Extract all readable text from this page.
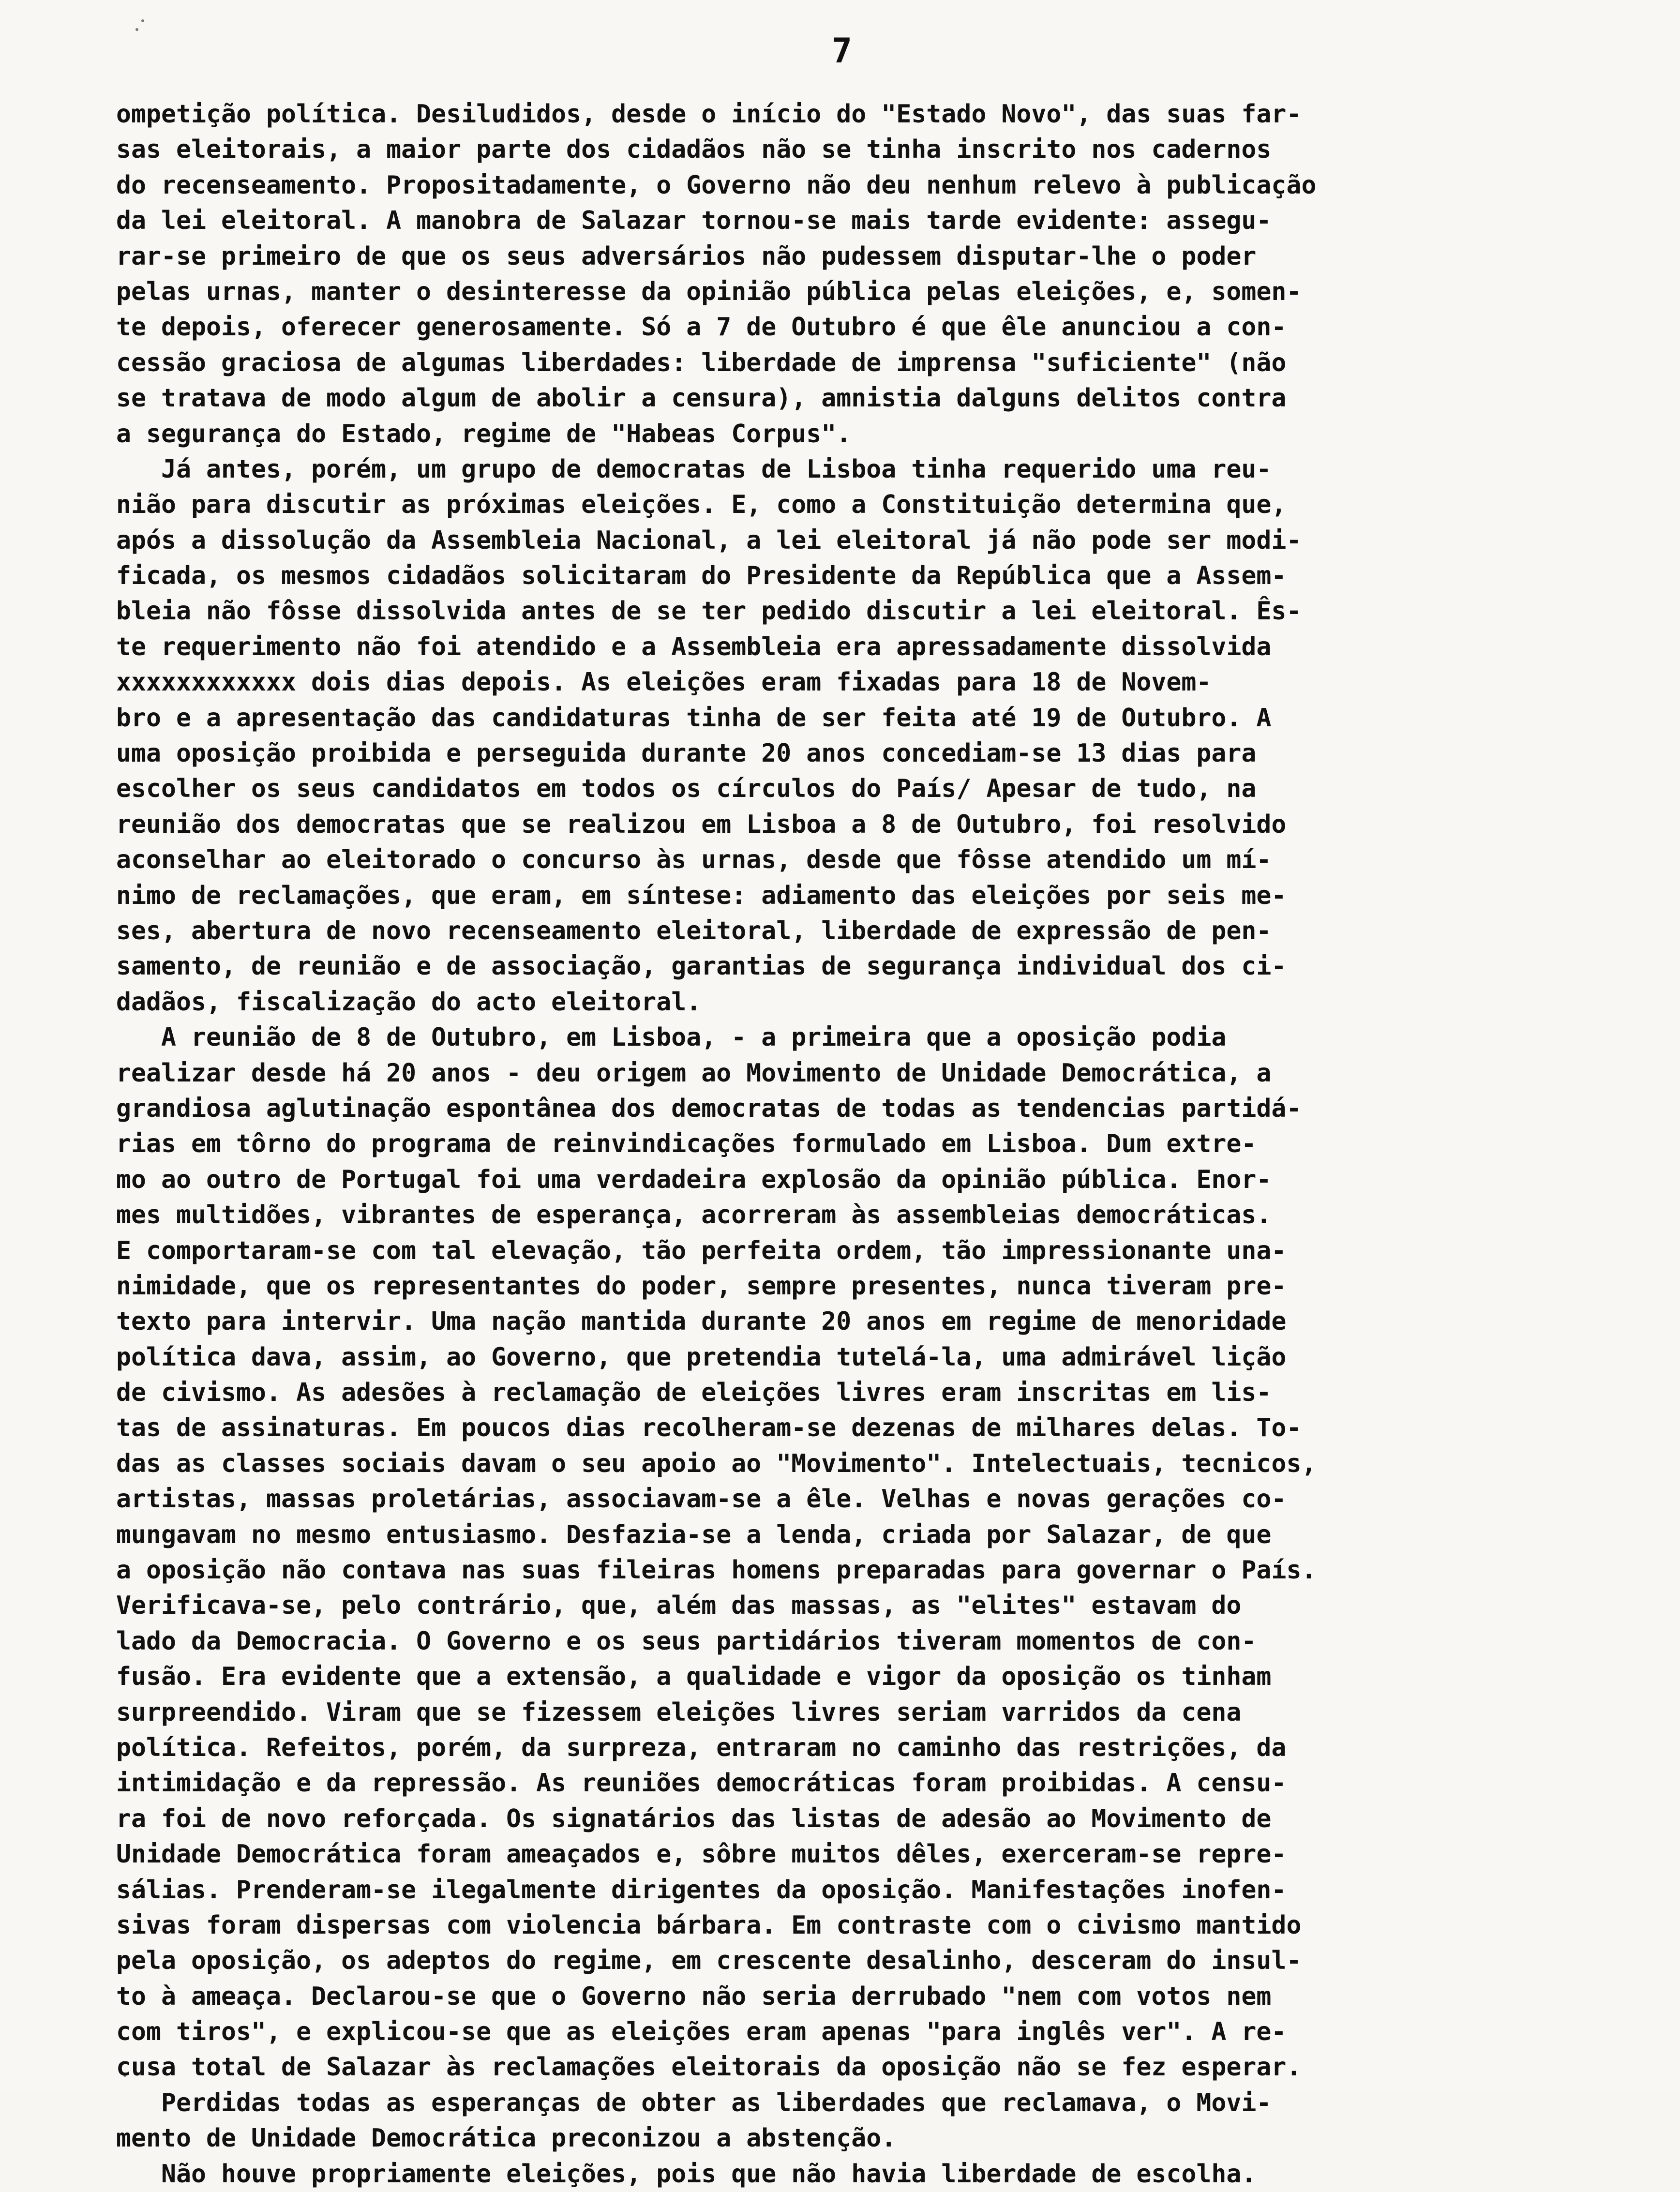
7
ompetição política. Desiludidos, desde o início do "Estado Novo", das suas far-
sas eleitorais, a maior parte dos cidadãos não se tinha inscrito nos cadernos
do recenseamento. Propositadamente, o Governo não deu nenhum relevo à publicação
da lei eleitoral. A manobra de Salazar tornou-se mais tarde evidente: assegu-
rar-se primeiro de que os seus adversários não pudessem disputar-lhe o poder
pelas urnas, manter o desinteresse da opinião pública pelas eleições, e, somen-
te depois, oferecer generosamente. Só a 7 de Outubro é que êle anunciou a con-
cessão graciosa de algumas liberdades: liberdade de imprensa "suficiente" (não
se tratava de modo algum de abolir a censura), amnistia dalguns delitos contra
a segurança do Estado, regime de "Habeas Corpus".
Já antes, porém, um grupo de democratas de Lisboa tinha requerido uma reu-
nião para discutir as próximas eleições. E, como a Constituição determina que,
após a dissolução da Assembleia Nacional, a lei eleitoral já não pode ser modi-
ficada, os mesmos cidadãos solicitaram do Presidente da República que a Assem-
bleia não fôsse dissolvida antes de se ter pedido discutir a lei eleitoral. Ês-
te requerimento não foi atendido e a Assembleia era apressadamente dissolvida
xxxxxxxxxxxx dois dias depois. As eleições eram fixadas para 18 de Novem-
bro e a apresentação das candidaturas tinha de ser feita até 19 de Outubro. A
uma oposição proibida e perseguida durante 20 anos concediam-se 13 dias para
escolher os seus candidatos em todos os círculos do País/ Apesar de tudo, na
reunião dos democratas que se realizou em Lisboa a 8 de Outubro, foi resolvido
aconselhar ao eleitorado o concurso às urnas, desde que fôsse atendido um mí-
nimo de reclamações, que eram, em síntese: adiamento das eleições por seis me-
ses, abertura de novo recenseamento eleitoral, liberdade de expressão de pen-
samento, de reunião e de associação, garantias de segurança individual dos ci-
dadãos, fiscalização do acto eleitoral.
A reunião de 8 de Outubro, em Lisboa, - a primeira que a oposição podia
realizar desde há 20 anos - deu origem ao Movimento de Unidade Democrática, a
grandiosa aglutinação espontânea dos democratas de todas as tendencias partidá-
rias em tôrno do programa de reinvindicações formulado em Lisboa. Dum extre-
mo ao outro de Portugal foi uma verdadeira explosão da opinião pública. Enor-
mes multidões, vibrantes de esperança, acorreram às assembleias democráticas.
E comportaram-se com tal elevação, tão perfeita ordem, tão impressionante una-
nimidade, que os representantes do poder, sempre presentes, nunca tiveram pre-
texto para intervir. Uma nação mantida durante 20 anos em regime de menoridade
política dava, assim, ao Governo, que pretendia tutelá-la, uma admirável lição
de civismo. As adesões à reclamação de eleições livres eram inscritas em lis-
tas de assinaturas. Em poucos dias recolheram-se dezenas de milhares delas. To-
das as classes sociais davam o seu apoio ao "Movimento". Intelectuais, tecnicos,
artistas, massas proletárias, associavam-se a êle. Velhas e novas gerações co-
mungavam no mesmo entusiasmo. Desfazia-se a lenda, criada por Salazar, de que
a oposição não contava nas suas fileiras homens preparadas para governar o País.
Verificava-se, pelo contrário, que, além das massas, as "elites" estavam do
lado da Democracia. O Governo e os seus partidários tiveram momentos de con-
fusão. Era evidente que a extensão, a qualidade e vigor da oposição os tinham
surpreendido. Viram que se fizessem eleições livres seriam varridos da cena
política. Refeitos, porém, da surpreza, entraram no caminho das restrições, da
intimidação e da repressão. As reuniões democráticas foram proibidas. A censu-
ra foi de novo reforçada. Os signatários das listas de adesão ao Movimento de
Unidade Democrática foram ameaçados e, sôbre muitos dêles, exerceram-se repre-
sálias. Prenderam-se ilegalmente dirigentes da oposição. Manifestações inofen-
sivas foram dispersas com violencia bárbara. Em contraste com o civismo mantido
pela oposição, os adeptos do regime, em crescente desalinho, desceram do insul-
to à ameaça. Declarou-se que o Governo não seria derrubado "nem com votos nem
com tiros", e explicou-se que as eleições eram apenas "para inglês ver". A re-
cusa total de Salazar às reclamações eleitorais da oposição não se fez esperar.
Perdidas todas as esperanças de obter as liberdades que reclamava, o Movi-
mento de Unidade Democrática preconizou a abstenção.
Não houve propriamente eleições, pois que não havia liberdade de escolha.
